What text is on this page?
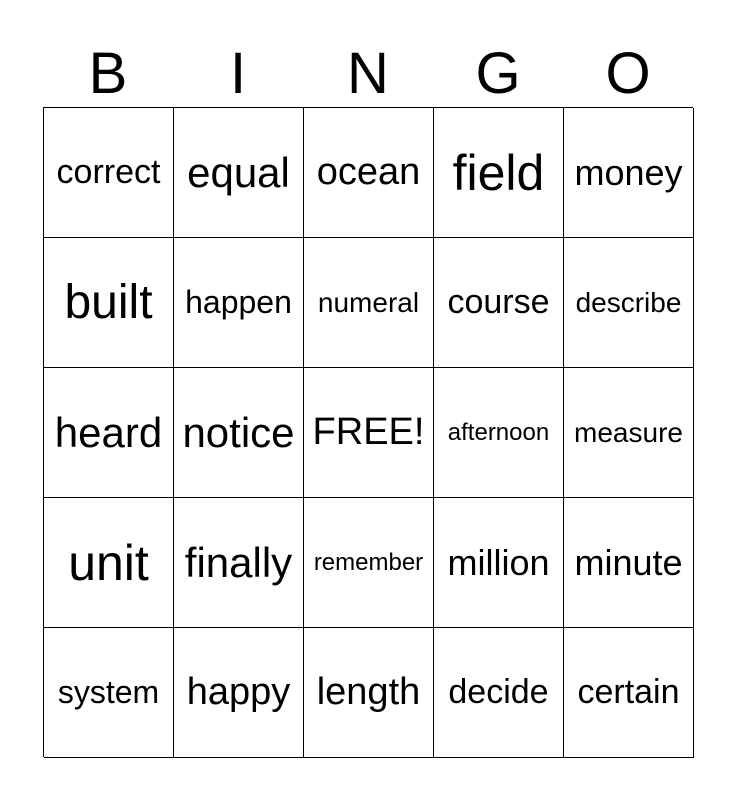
B	I	N	G	O
correct equal ocean field money
built	happen numeral course describe
heard notice FREE! afternoon measure
unit finally remember million minute
system happy length decide certain
